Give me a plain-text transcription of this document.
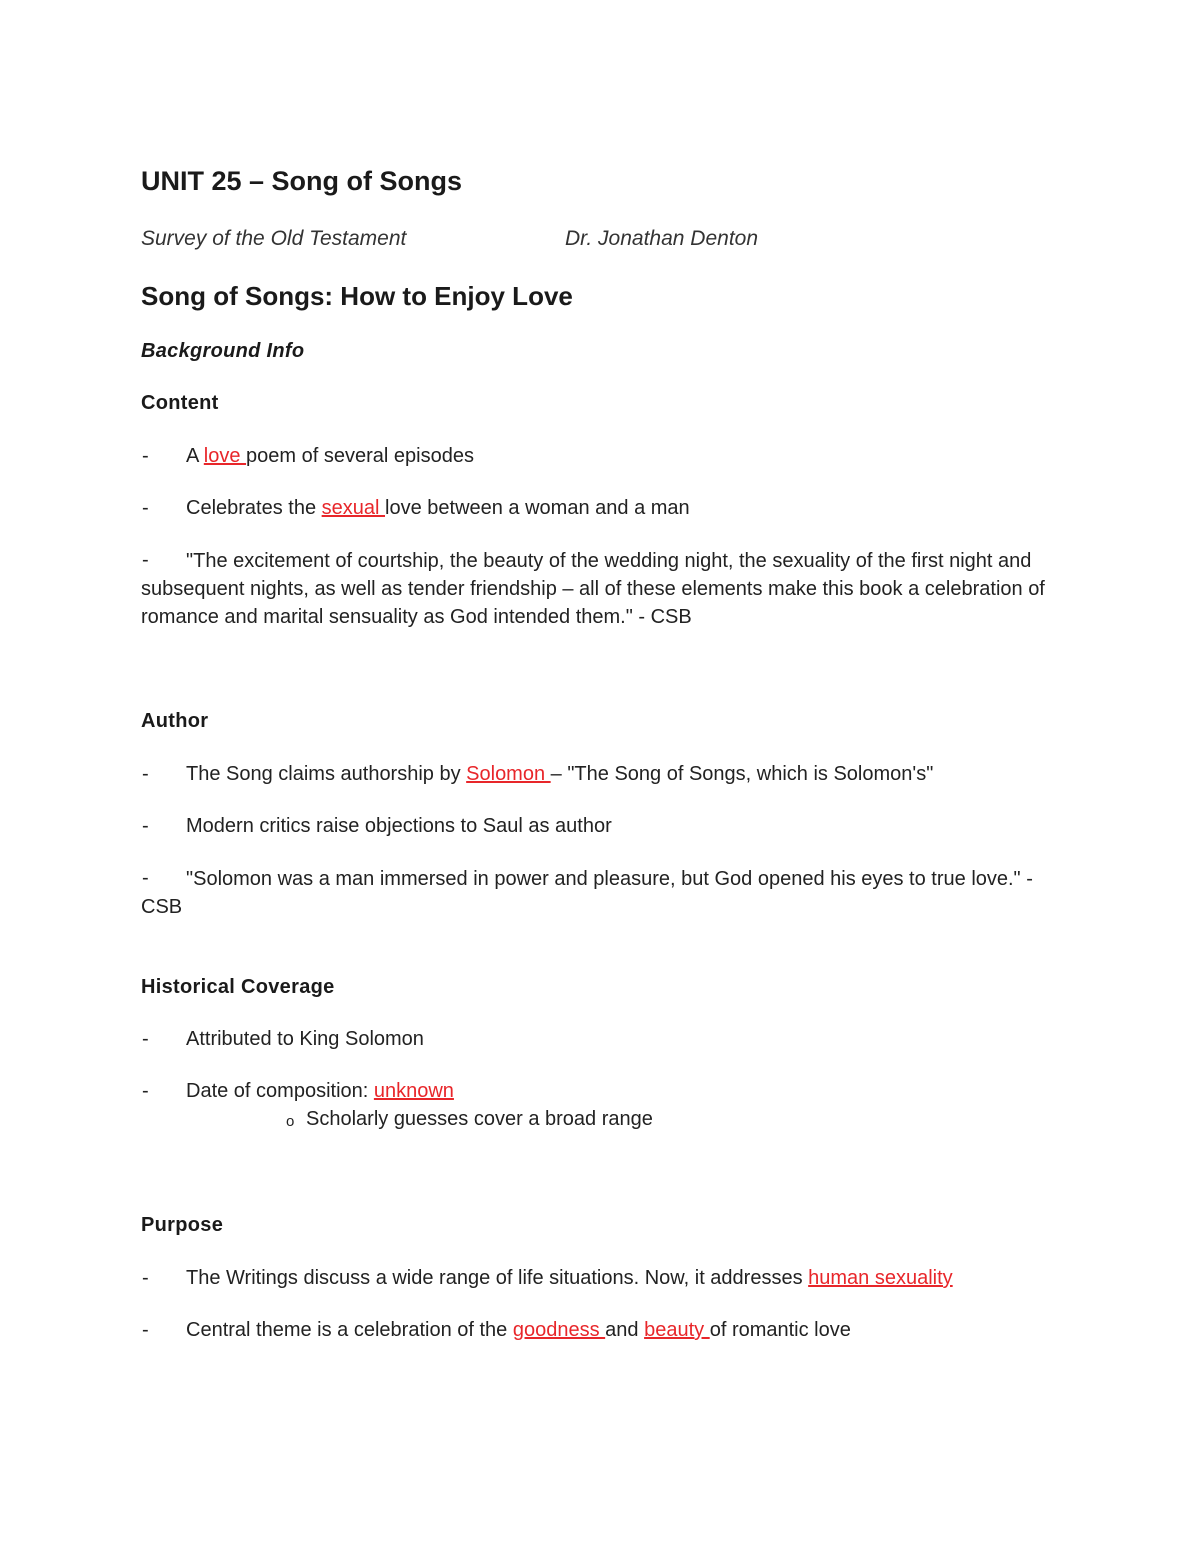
UNIT 25 – Song of Songs
Survey of the Old Testament	Dr. Jonathan Denton
Song of Songs: How to Enjoy Love
Background Info
Content
- A love poem of several episodes
- Celebrates the sexual love between a woman and a man
-	"The excitement of courtship, the beauty of the wedding night, the sexuality of the first night and subsequent nights, as well as tender friendship – all of these elements make this book a celebration of romance and marital sensuality as God intended them." - CSB
Author
- The Song claims authorship by Solomon – "The Song of Songs, which is Solomon's"
- Modern critics raise objections to Saul as author
-	"Solomon was a man immersed in power and pleasure, but God opened his eyes to true love." - CSB
Historical Coverage
- Attributed to King Solomon
- Date of composition: unknown
o Scholarly guesses cover a broad range
Purpose
- The Writings discuss a wide range of life situations. Now, it addresses human sexuality
- Central theme is a celebration of the goodness and beauty of romantic love
